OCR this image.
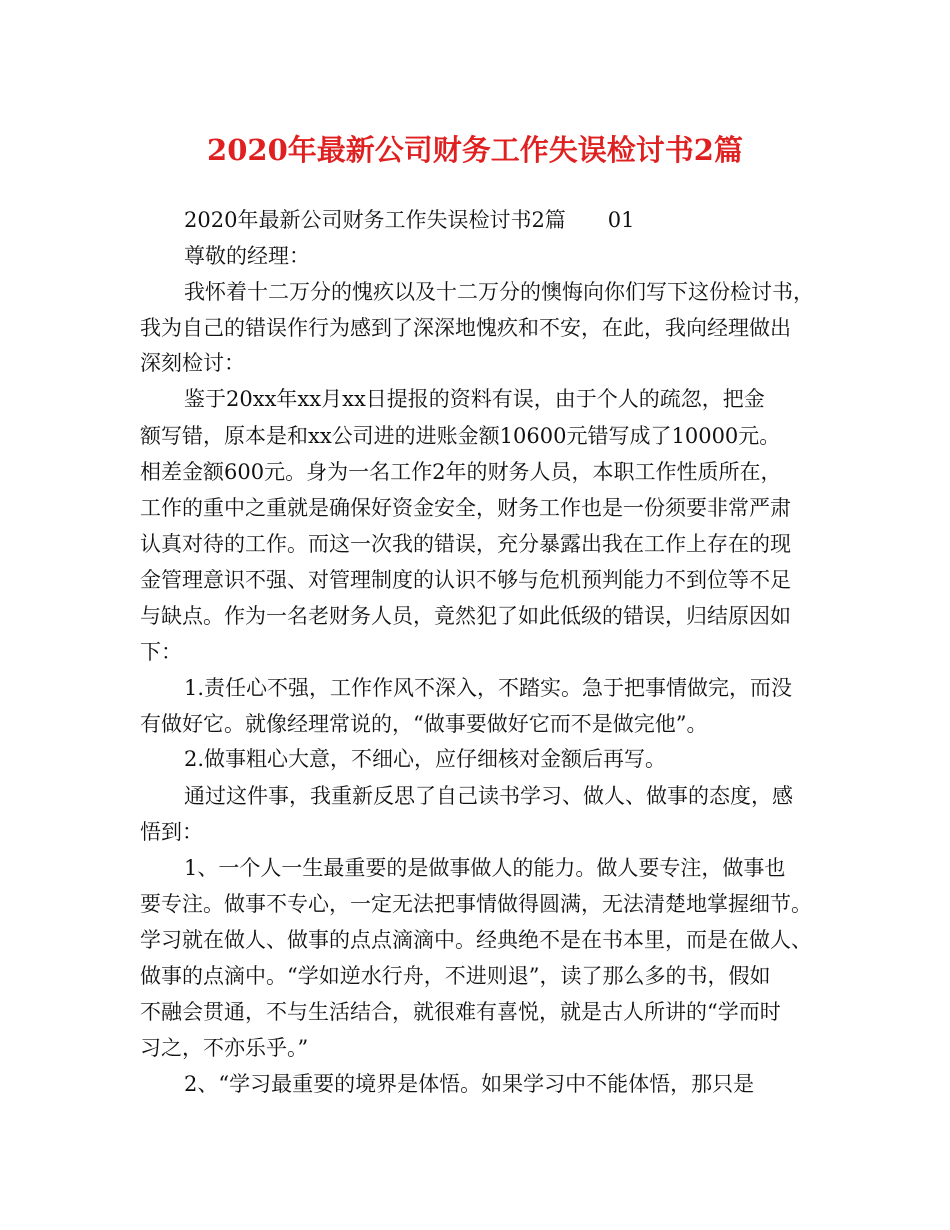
2020年最新公司财务工作失误检讨书2篇

2020年最新公司财务工作失误检讨书2篇　　01

尊敬的经理：

我怀着十二万分的愧疚以及十二万分的懊悔向你们写下这份检讨书，

我为自己的错误作行为感到了深深地愧疚和不安，在此，我向经理做出

深刻检讨：

鉴于20xx年xx月xx日提报的资料有误，由于个人的疏忽，把金

额写错，原本是和xx公司进的进账金额10600元错写成了10000元。

相差金额600元。身为一名工作2年的财务人员，本职工作性质所在，

工作的重中之重就是确保好资金安全，财务工作也是一份须要非常严肃

认真对待的工作。而这一次我的错误，充分暴露出我在工作上存在的现

金管理意识不强、对管理制度的认识不够与危机预判能力不到位等不足

与缺点。作为一名老财务人员，竟然犯了如此低级的错误，归结原因如

下：

1.责任心不强，工作作风不深入，不踏实。急于把事情做完，而没

有做好它。就像经理常说的，“做事要做好它而不是做完他”。

2.做事粗心大意，不细心，应仔细核对金额后再写。

通过这件事，我重新反思了自己读书学习、做人、做事的态度，感

悟到：

1、一个人一生最重要的是做事做人的能力。做人要专注，做事也

要专注。做事不专心，一定无法把事情做得圆满，无法清楚地掌握细节。

学习就在做人、做事的点点滴滴中。经典绝不是在书本里，而是在做人、

做事的点滴中。“学如逆水行舟，不进则退”，读了那么多的书，假如

不融会贯通，不与生活结合，就很难有喜悦，就是古人所讲的“学而时

习之，不亦乐乎。”

2、“学习最重要的境界是体悟。如果学习中不能体悟，那只是
